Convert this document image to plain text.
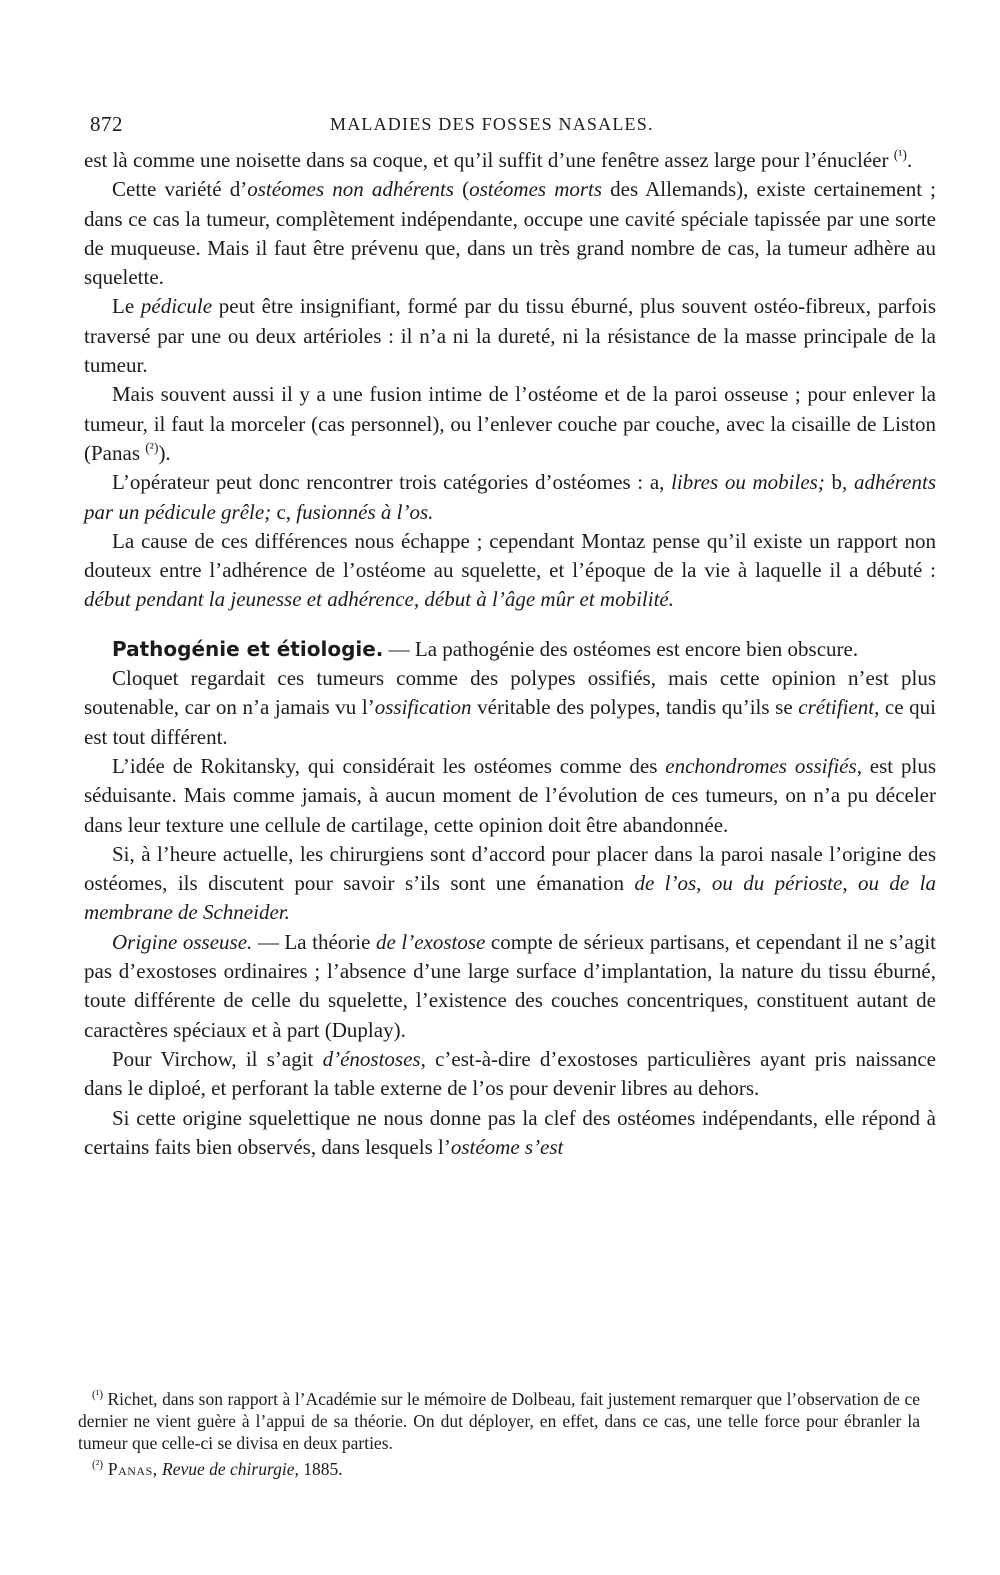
872	MALADIES DES FOSSES NASALES.

est là comme une noisette dans sa coque, et qu’il suffit d’une fenêtre assez large pour l’énucléer $^{(^1)}$.

Cette variété d’ostéomes non adhérents (ostéomes morts des Allemands), existe certainement ; dans ce cas la tumeur, complètement indépendante, occupe une cavité spéciale tapissée par une sorte de muqueuse. Mais il faut être prévenu que, dans un très grand nombre de cas, la tumeur adhère au squelette.

Le pédicule peut être insignifiant, formé par du tissu éburné, plus souvent ostéo-fibreux, parfois traversé par une ou deux artérioles : il n’a ni la dureté, ni la résistance de la masse principale de la tumeur.

Mais souvent aussi il y a une fusion intime de l’ostéome et de la paroi osseuse ; pour enlever la tumeur, il faut la morceler (cas personnel), ou l’enlever couche par couche, avec la cisaille de Liston (Panas $^{(^2)}$).

L’opérateur peut donc rencontrer trois catégories d’ostéomes : a, libres ou mobiles; b, adhérents par un pédicule grêle; c, fusionnés à l’os.

La cause de ces différences nous échappe ; cependant Montaz pense qu’il existe un rapport non douteux entre l’adhérence de l’ostéome au squelette, et l’époque de la vie à laquelle il a débuté : début pendant la jeunesse et adhérence, début à l’âge mûr et mobilité.

Pathogénie et étiologie. — La pathogénie des ostéomes est encore bien obscure.

Cloquet regardait ces tumeurs comme des polypes ossifiés, mais cette opinion n’est plus soutenable, car on n’a jamais vu l’ossification véritable des polypes, tandis qu’ils se crétifient, ce qui est tout différent.

L’idée de Rokitansky, qui considérait les ostéomes comme des enchondromes ossifiés, est plus séduisante. Mais comme jamais, à aucun moment de l’évolution de ces tumeurs, on n’a pu déceler dans leur texture une cellule de cartilage, cette opinion doit être abandonnée.

Si, à l’heure actuelle, les chirurgiens sont d’accord pour placer dans la paroi nasale l’origine des ostéomes, ils discutent pour savoir s’ils sont une émanation de l’os, ou du périoste, ou de la membrane de Schneider.

Origine osseuse. — La théorie de l’exostose compte de sérieux partisans, et cependant il ne s’agit pas d’exostoses ordinaires ; l’absence d’une large surface d’implantation, la nature du tissu éburné, toute différente de celle du squelette, l’existence des couches concentriques, constituent autant de caractères spéciaux et à part (Duplay).

Pour Virchow, il s’agit d’énostoses, c’est-à-dire d’exostoses particulières ayant pris naissance dans le diploé, et perforant la table externe de l’os pour devenir libres au dehors.

Si cette origine squelettique ne nous donne pas la clef des ostéomes indépendants, elle répond à certains faits bien observés, dans lesquels l’ostéome s’est

$^{(^1)}$ Richet, dans son rapport à l’Académie sur le mémoire de Dolbeau, fait justement remarquer que l’observation de ce dernier ne vient guère à l’appui de sa théorie. On dut déployer, en effet, dans ce cas, une telle force pour ébranler la tumeur que celle-ci se divisa en deux parties.

$^{(^2)}$ Panas, Revue de chirurgie, 1885.
